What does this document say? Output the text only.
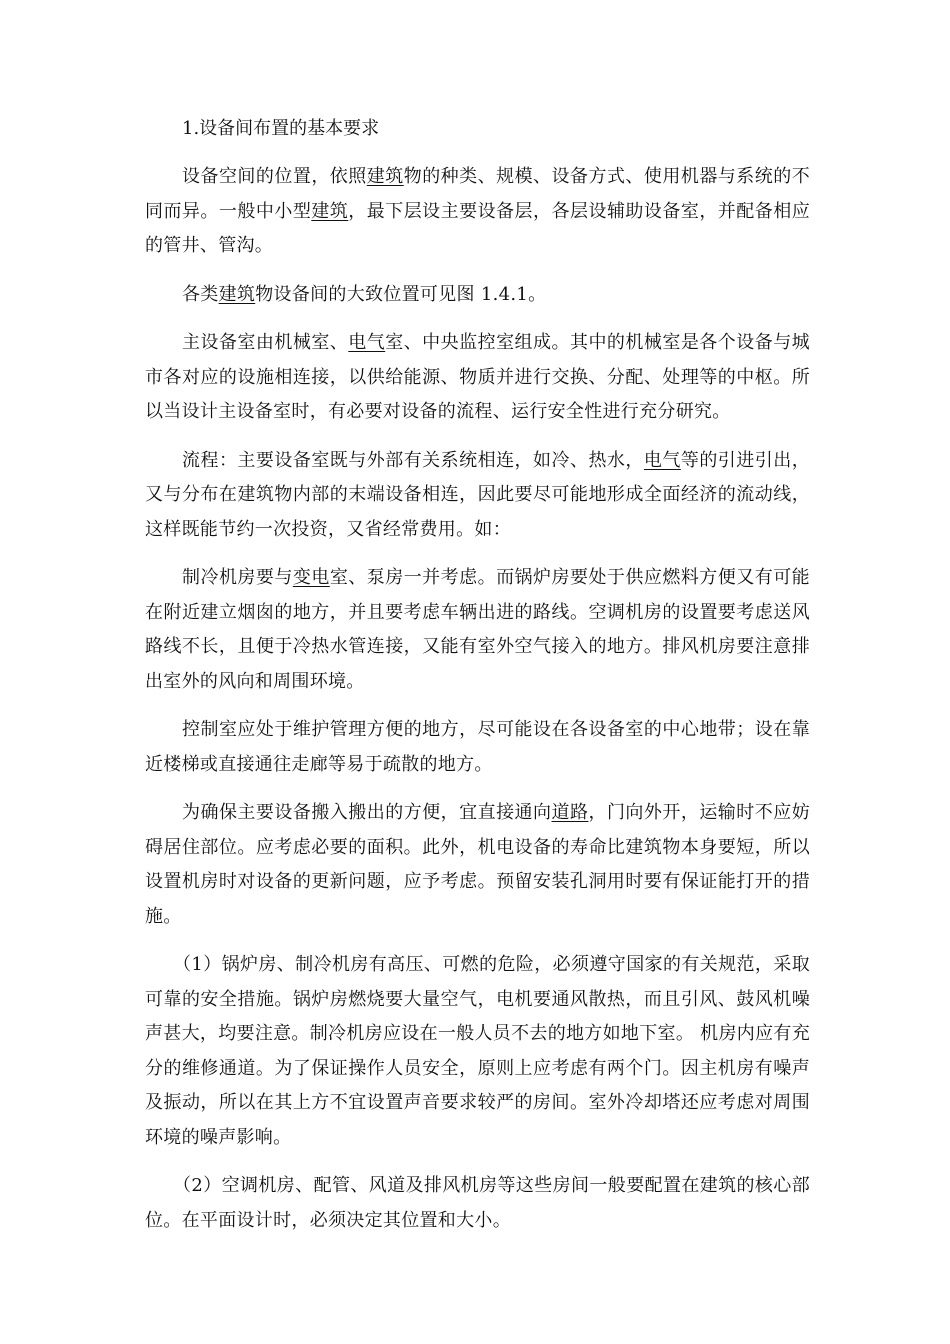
1.设备间布置的基本要求

设备空间的位置，依照建筑物的种类、规模、设备方式、使用机器与系统的不同而异。一般中小型建筑，最下层设主要设备层，各层设辅助设备室，并配备相应的管井、管沟。

各类建筑物设备间的大致位置可见图 1.4.1。

主设备室由机械室、电气室、中央监控室组成。其中的机械室是各个设备与城市各对应的设施相连接，以供给能源、物质并进行交换、分配、处理等的中枢。所以当设计主设备室时，有必要对设备的流程、运行安全性进行充分研究。

流程：主要设备室既与外部有关系统相连，如冷、热水，电气等的引进引出，又与分布在建筑物内部的末端设备相连，因此要尽可能地形成全面经济的流动线，这样既能节约一次投资，又省经常费用。如：

制冷机房要与变电室、泵房一并考虑。而锅炉房要处于供应燃料方便又有可能在附近建立烟囱的地方，并且要考虑车辆出进的路线。空调机房的设置要考虑送风路线不长，且便于冷热水管连接，又能有室外空气接入的地方。排风机房要注意排出室外的风向和周围环境。

控制室应处于维护管理方便的地方，尽可能设在各设备室的中心地带；设在靠近楼梯或直接通往走廊等易于疏散的地方。

为确保主要设备搬入搬出的方便，宜直接通向道路，门向外开，运输时不应妨碍居住部位。应考虑必要的面积。此外，机电设备的寿命比建筑物本身要短，所以设置机房时对设备的更新问题，应予考虑。预留安装孔洞用时要有保证能打开的措施。

（1）锅炉房、制冷机房有高压、可燃的危险，必须遵守国家的有关规范，采取可靠的安全措施。锅炉房燃烧要大量空气，电机要通风散热，而且引风、鼓风机噪声甚大，均要注意。制冷机房应设在一般人员不去的地方如地下室。 机房内应有充分的维修通道。为了保证操作人员安全，原则上应考虑有两个门。因主机房有噪声及振动，所以在其上方不宜设置声音要求较严的房间。室外冷却塔还应考虑对周围环境的噪声影响。

（2）空调机房、配管、风道及排风机房等这些房间一般要配置在建筑的核心部位。在平面设计时，必须决定其位置和大小。
